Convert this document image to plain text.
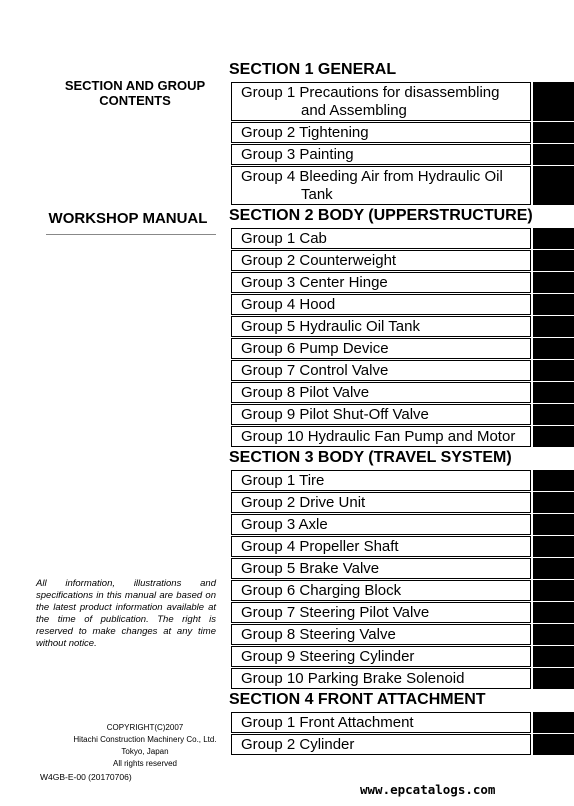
SECTION AND GROUP
CONTENTS
WORKSHOP MANUAL
All information, illustrations and specifications in this manual are based on the latest product information available at the time of publication. The right is reserved to make changes at any time without notice.
COPYRIGHT(C)2007
Hitachi Construction Machinery Co., Ltd.
Tokyo, Japan
All rights reserved
W4GB-E-00 (20170706)
www.epcatalogs.com
SECTION 1 GENERAL
Group 1 Precautions for disassembling
and Assembling
Group 2 Tightening
Group 3 Painting
Group 4 Bleeding Air from Hydraulic Oil
Tank
SECTION 2 BODY (UPPERSTRUCTURE)
Group 1 Cab
Group 2 Counterweight
Group 3 Center Hinge
Group 4 Hood
Group 5 Hydraulic Oil Tank
Group 6 Pump Device
Group 7 Control Valve
Group 8 Pilot Valve
Group 9 Pilot Shut-Off Valve
Group 10 Hydraulic Fan Pump and Motor
SECTION 3 BODY (TRAVEL SYSTEM)
Group 1 Tire
Group 2 Drive Unit
Group 3 Axle
Group 4 Propeller Shaft
Group 5 Brake Valve
Group 6 Charging Block
Group 7 Steering Pilot Valve
Group 8 Steering Valve
Group 9 Steering Cylinder
Group 10 Parking Brake Solenoid
SECTION 4 FRONT ATTACHMENT
Group 1 Front Attachment
Group 2 Cylinder
